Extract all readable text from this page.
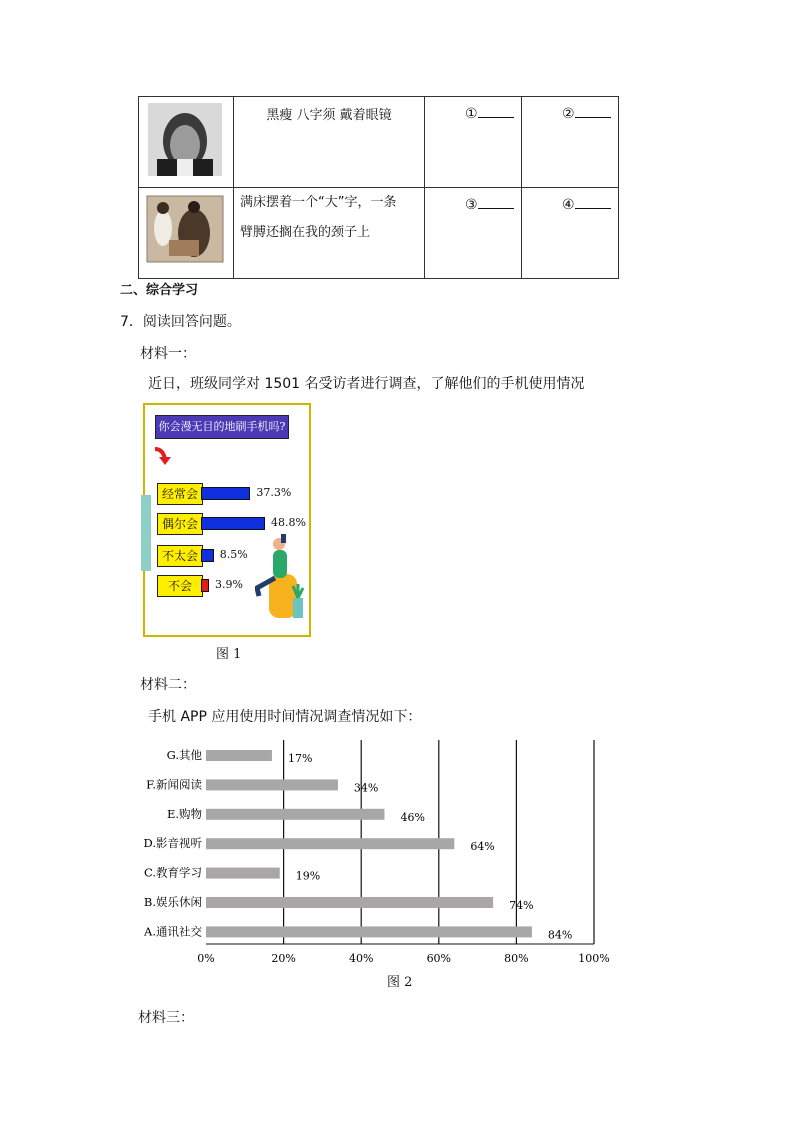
黑瘦 八字须 戴着眼镜	①	②

满床摆着一个“大”字，一条
臂膊还搁在我的颈子上	③	④
二、综合学习
7．阅读回答问题。
材料一：
近日，班级同学对 1501 名受访者进行调查，了解他们的手机使用情况
你会漫无目的地刷手机吗?
经常会	37.3%
偶尔会	48.8%
不太会	8.5%
不会	3.9%
图 1
材料二：
手机 APP 应用使用时间情况调查情况如下：
0%	20%	40%	60%	80%	100%
G.其他	17%
F.新闻阅读	34%
E.购物	46%
D.影音视听	64%
C.教育学习	19%
B.娱乐休闲	74%
A.通讯社交	84%
图 2
材料三：
